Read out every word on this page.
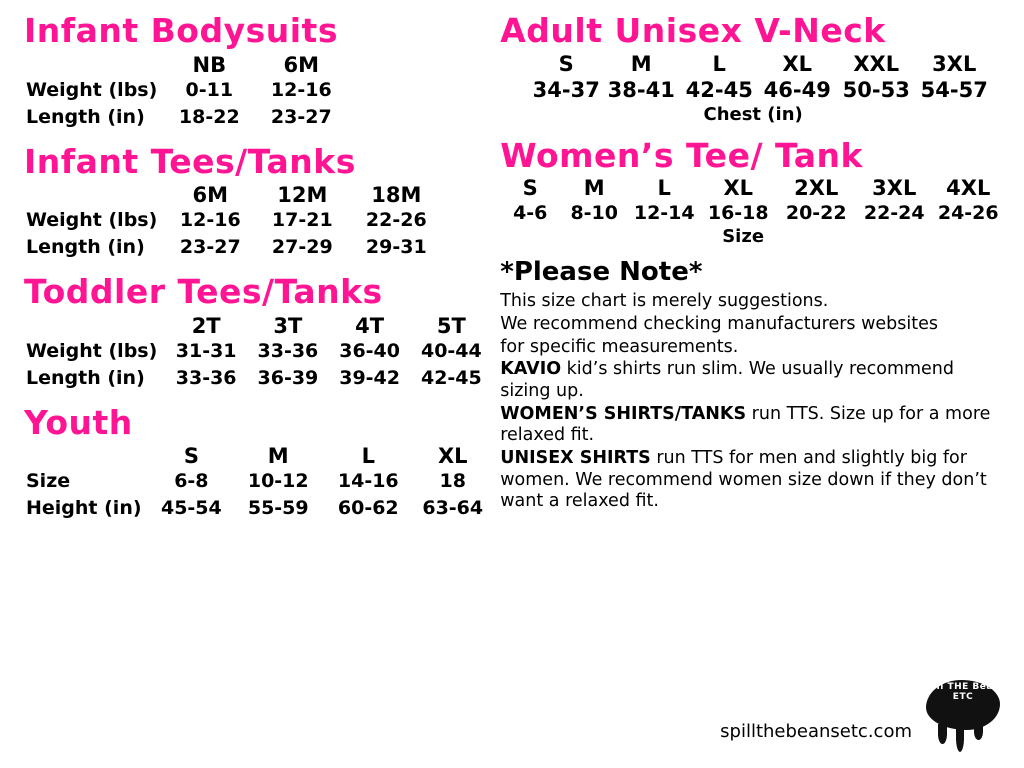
Infant Bodysuits
	NB	6M
Weight (lbs)	0-11	12-16
Length (in)	18-22	23-27
Infant Tees/Tanks
	6M	12M	18M
Weight (lbs)	12-16	17-21	22-26
Length (in)	23-27	27-29	29-31
Toddler Tees/Tanks
	2T	3T	4T	5T
Weight (lbs)	31-31	33-36	36-40	40-44
Length (in)	33-36	36-39	39-42	42-45
Youth
	S	M	L	XL
Size	6-8	10-12	14-16	18
Height (in)	45-54	55-59	60-62	63-64
Adult Unisex V-Neck
S	M	L	XL	XXL	3XL
34-37 38-41 42-45 46-49 50-53 54-57
Chest (in)
Women’s Tee/ Tank
S	M	L	XL	2XL	3XL	4XL
4-6	8-10 12-14 16-18 20-22 22-24 24-26
Size
*Please Note*

This size chart is merely suggestions.

We recommend checking manufacturers websites

for specific measurements.

KAVIO kid’s shirts run slim. We usually recommend sizing up.

WOMEN’S SHIRTS/TANKS run TTS. Size up for a more relaxed fit.

UNISEX SHIRTS run TTS for men and slightly big for women. We recommend women size down if they don’t want a relaxed fit.

spillthebeansetc.com
Spill THE BeanS ETC
